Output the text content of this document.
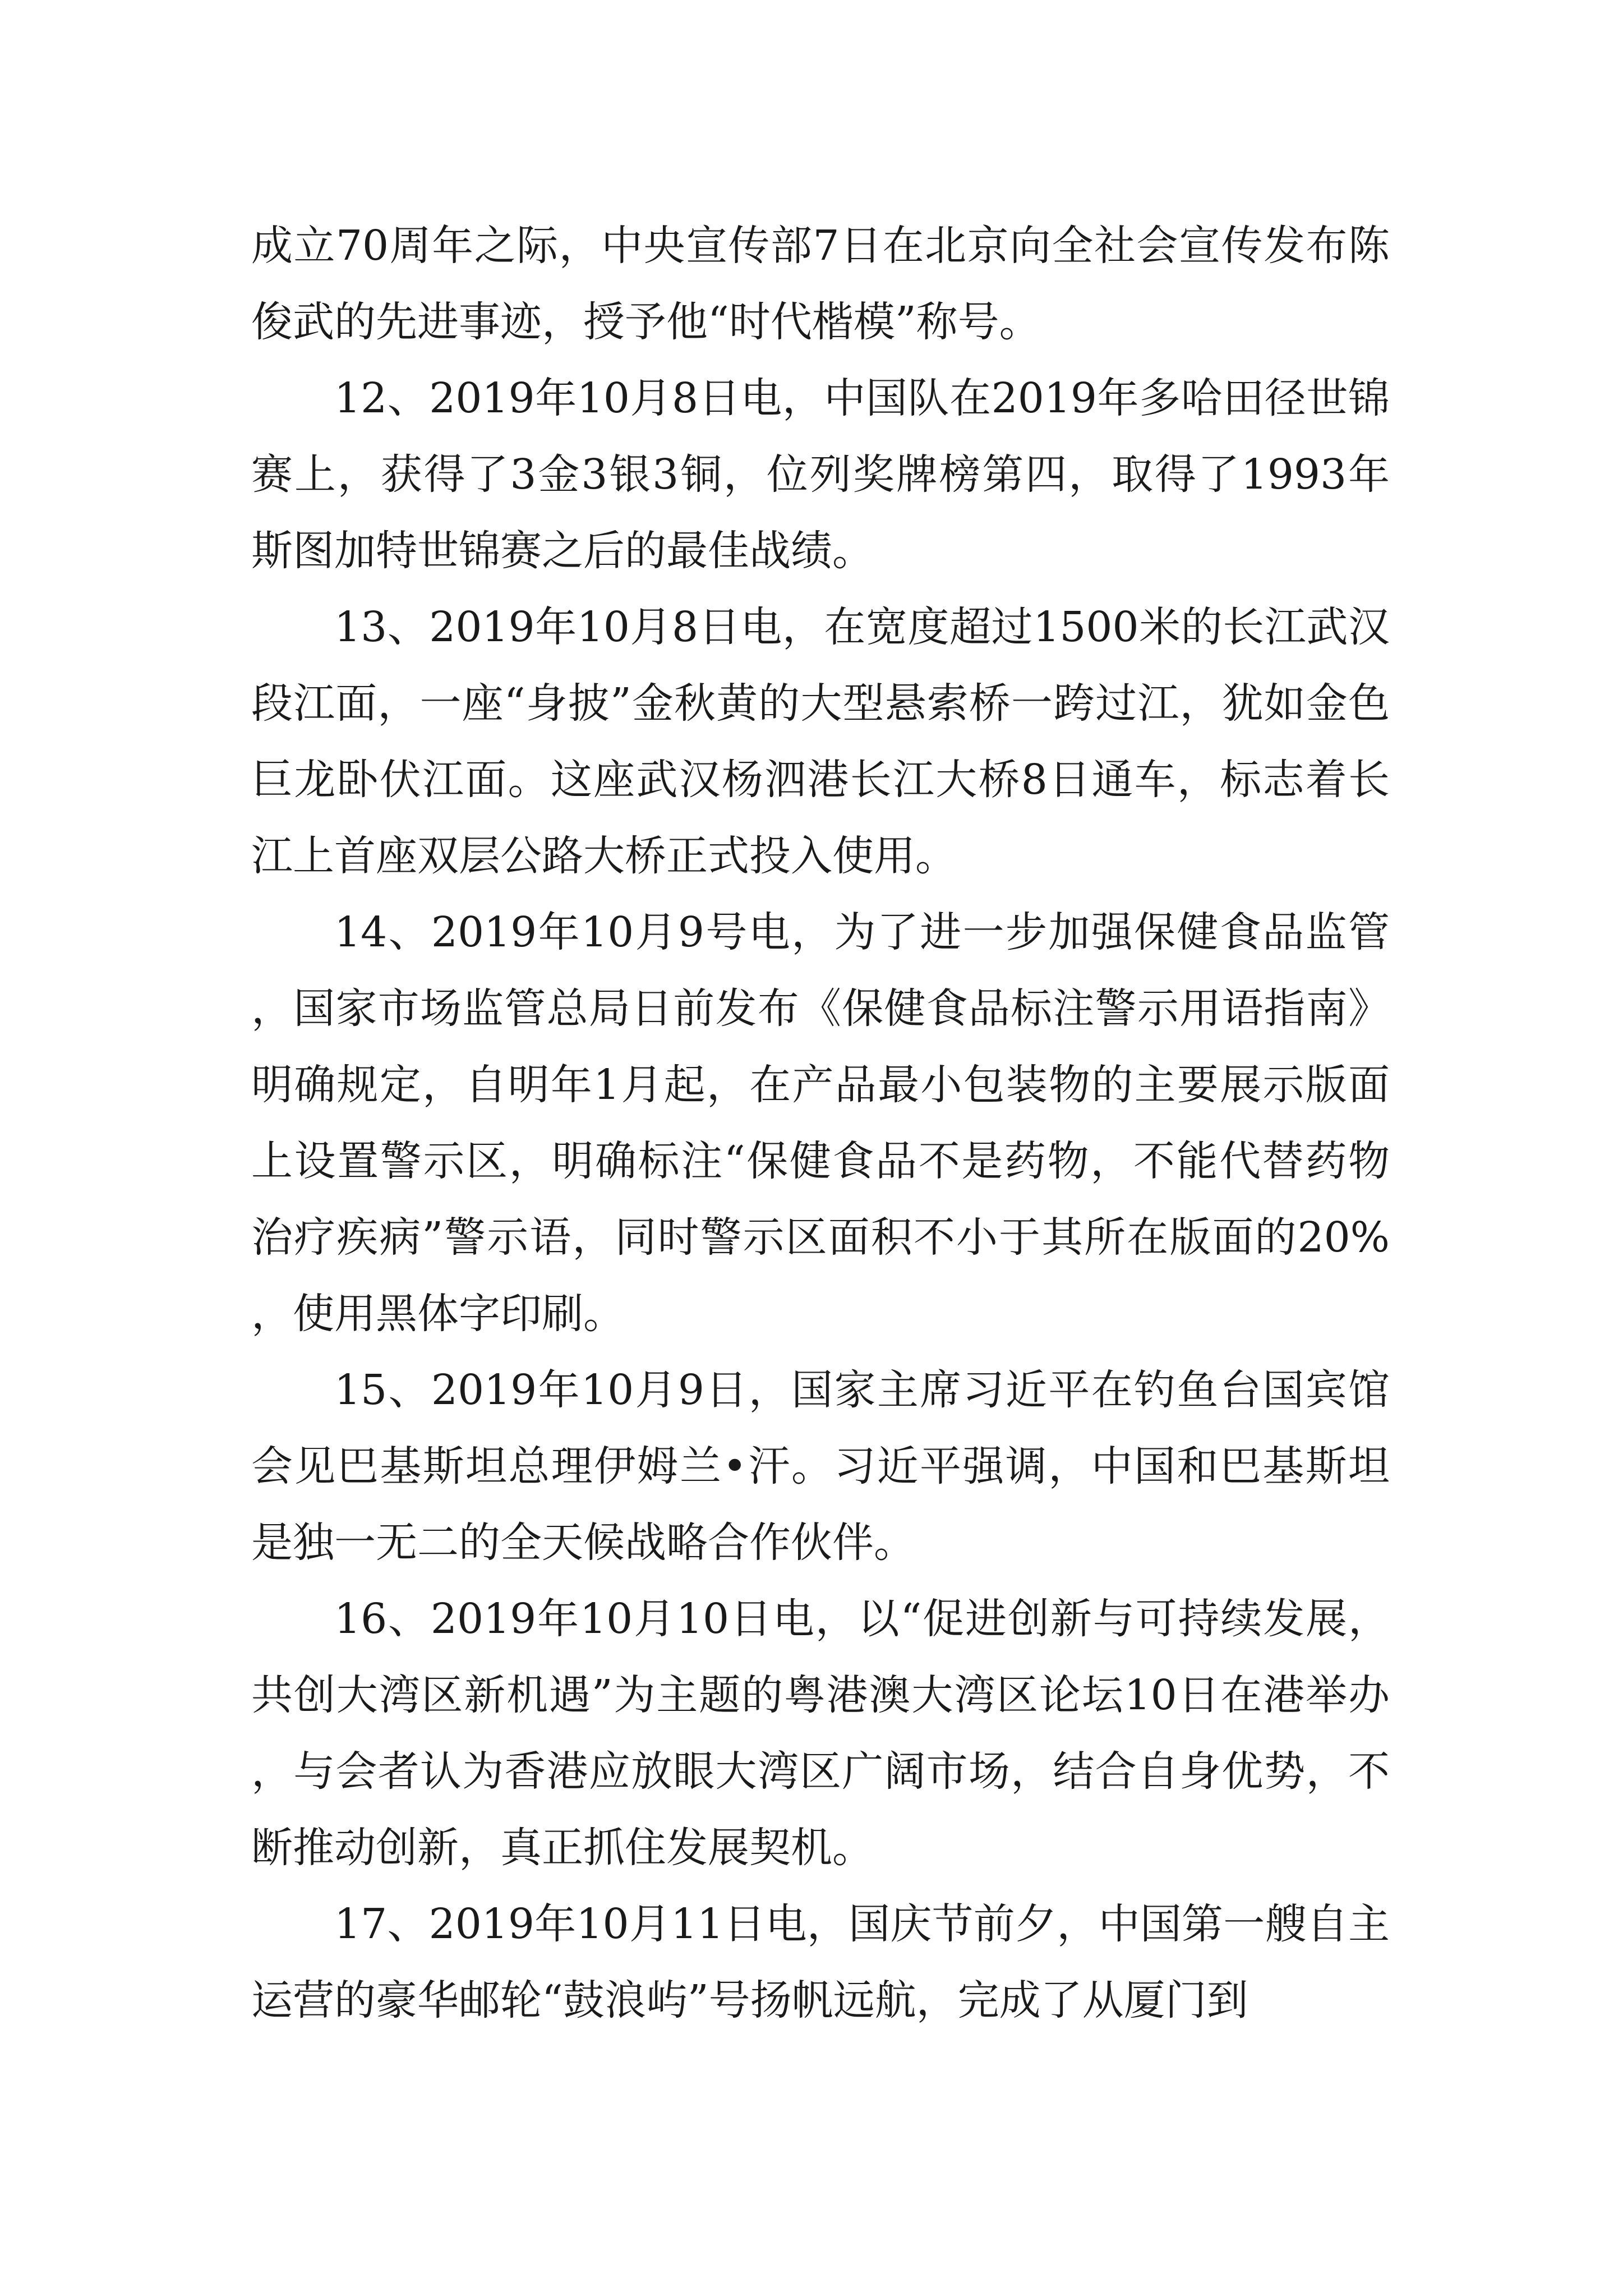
成立70周年之际，中央宣传部7日在北京向全社会宣传发布陈俊武的先进事迹，授予他“时代楷模”称号。

12、2019年10月8日电，中国队在2019年多哈田径世锦赛上，获得了3金3银3铜，位列奖牌榜第四，取得了1993年斯图加特世锦赛之后的最佳战绩。

13、2019年10月8日电，在宽度超过1500米的长江武汉段江面，一座“身披”金秋黄的大型悬索桥一跨过江，犹如金色巨龙卧伏江面。这座武汉杨泗港长江大桥8日通车，标志着长江上首座双层公路大桥正式投入使用。

14、2019年10月9号电，为了进一步加强保健食品监管，国家市场监管总局日前发布《保健食品标注警示用语指南》明确规定，自明年1月起，在产品最小包装物的主要展示版面上设置警示区，明确标注“保健食品不是药物，不能代替药物治疗疾病”警示语，同时警示区面积不小于其所在版面的20%，使用黑体字印刷。

15、2019年10月9日，国家主席习近平在钓鱼台国宾馆会见巴基斯坦总理伊姆兰•汗。习近平强调，中国和巴基斯坦是独一无二的全天候战略合作伙伴。

16、2019年10月10日电，以“促进创新与可持续发展，共创大湾区新机遇”为主题的粤港澳大湾区论坛10日在港举办，与会者认为香港应放眼大湾区广阔市场，结合自身优势，不断推动创新，真正抓住发展契机。

17、2019年10月11日电，国庆节前夕，中国第一艘自主运营的豪华邮轮“鼓浪屿”号扬帆远航，完成了从厦门到
